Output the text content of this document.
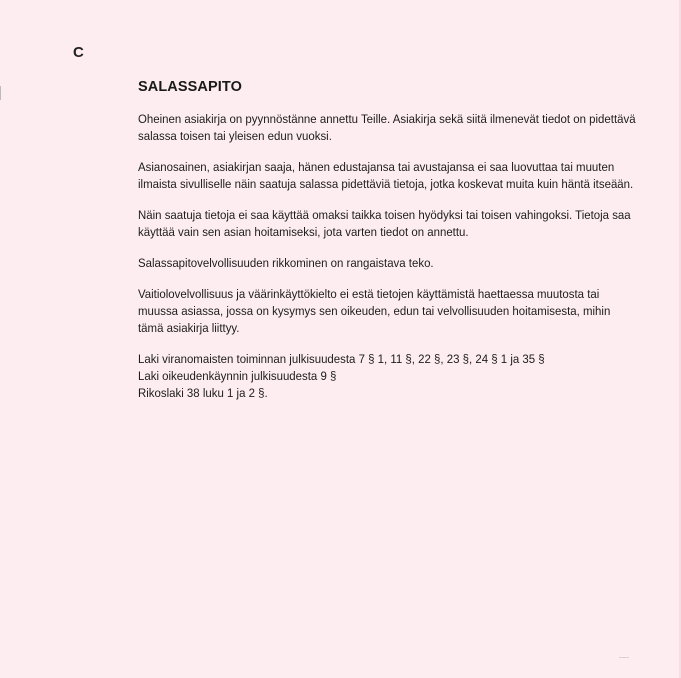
C
SALASSAPITO

Oheinen asiakirja on pyynnöstänne annettu Teille. Asiakirja sekä siitä ilmenevät tiedot on pidettävä salassa toisen tai yleisen edun vuoksi.

Asianosainen, asiakirjan saaja, hänen edustajansa tai avustajansa ei saa luovuttaa tai muuten ilmaista sivulliselle näin saatuja salassa pidettäviä tietoja, jotka koskevat muita kuin häntä itseään.

Näin saatuja tietoja ei saa käyttää omaksi taikka toisen hyödyksi tai toisen vahingoksi. Tietoja saa käyttää vain sen asian hoitamiseksi, jota varten tiedot on annettu.

Salassapitovelvollisuuden rikkominen on rangaistava teko.

Vaitiolovelvollisuus ja väärinkäyttökielto ei estä tietojen käyttämistä haettaessa muutosta tai muussa asiassa, jossa on kysymys sen oikeuden, edun tai velvollisuuden hoitamisesta, mihin tämä asiakirja liittyy.

Laki viranomaisten toiminnan julkisuudesta 7 § 1, 11 §, 22 §, 23 §, 24 § 1 ja 35 §
Laki oikeudenkäynnin julkisuudesta 9 §
Rikoslaki 38 luku 1 ja 2 §.
